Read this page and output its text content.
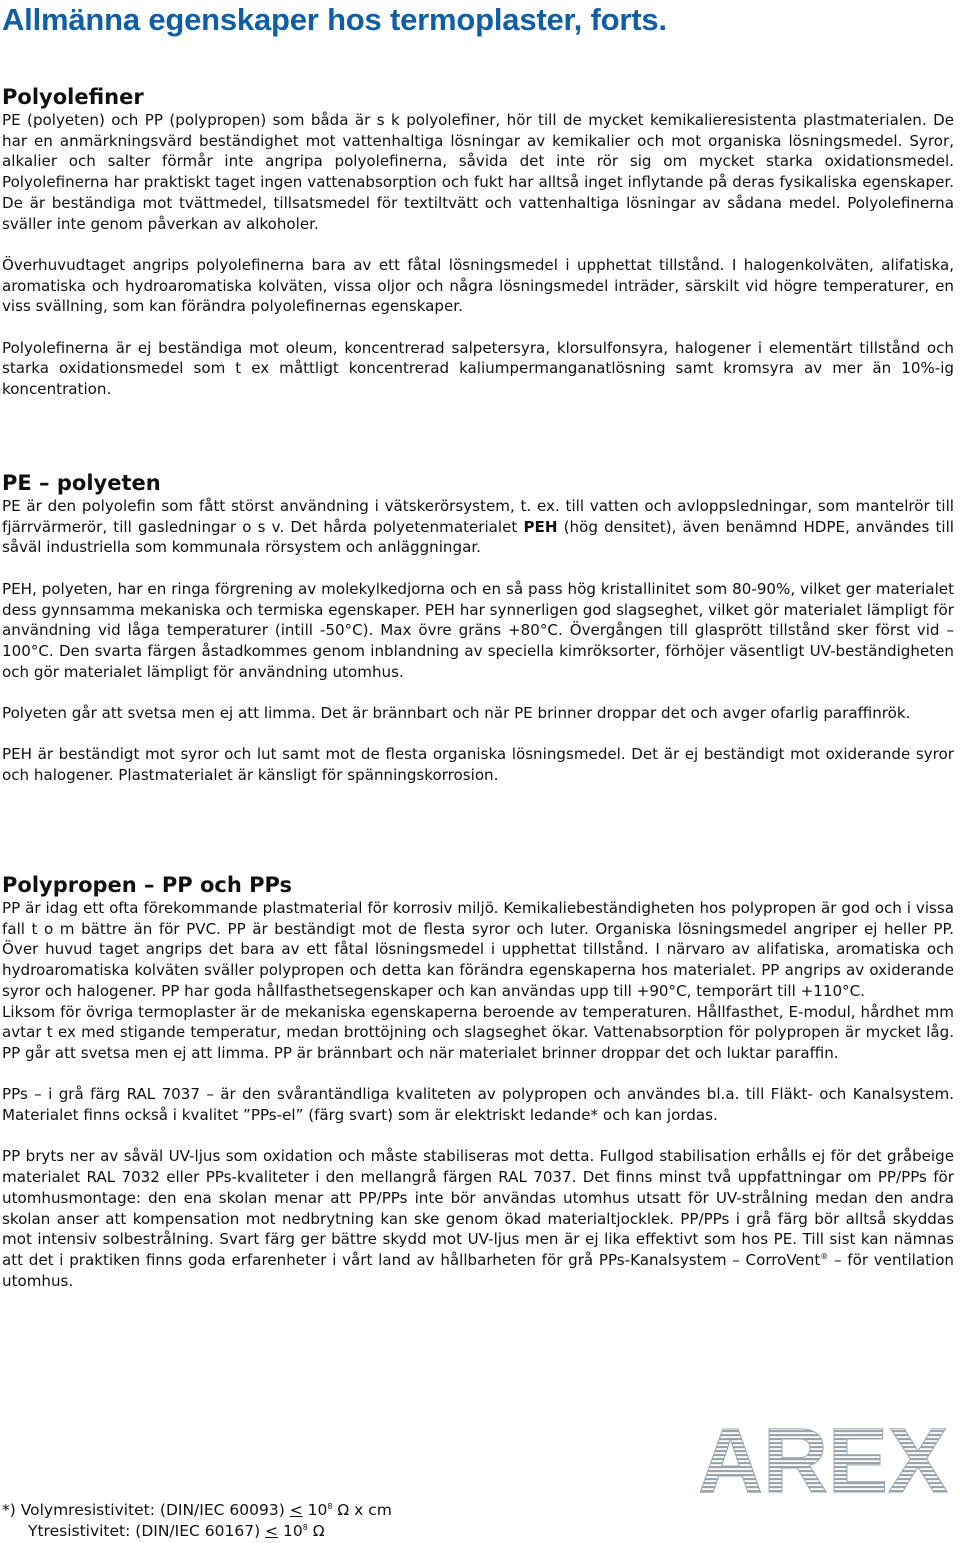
Allmänna egenskaper hos termoplaster, forts.
Polyolefiner

PE (polyeten) och PP (polypropen) som båda är s k polyolefiner, hör till de mycket kemikalieresistenta plastmaterialen. De har en anmärkningsvärd beständighet mot vattenhaltiga lösningar av kemikalier och mot organiska lösningsmedel. Syror, alkalier och salter förmår inte angripa polyolefinerna, såvida det inte rör sig om mycket starka oxidationsmedel. Polyolefinerna har praktiskt taget ingen vattenabsorption och fukt har alltså inget inflytande på deras fysikaliska egenskaper. De är beständiga mot tvättmedel, tillsatsmedel för textiltvätt och vattenhaltiga lösningar av sådana medel. Polyolefinerna sväller inte genom påverkan av alkoholer.

Överhuvudtaget angrips polyolefinerna bara av ett fåtal lösningsmedel i upphettat tillstånd. I halogenkolväten, alifatiska, aromatiska och hydroaromatiska kolväten, vissa oljor och några lösningsmedel inträder, särskilt vid högre temperaturer, en viss svällning, som kan förändra polyolefinernas egenskaper.

Polyolefinerna är ej beständiga mot oleum, koncentrerad salpetersyra, klorsulfonsyra, halogener i elementärt tillstånd och starka oxidationsmedel som t ex måttligt koncentrerad kaliumpermanganatlösning samt kromsyra av mer än 10%-ig koncentration.

PE – polyeten

PE är den polyolefin som fått störst användning i vätskerörsystem, t. ex. till vatten och avloppsledningar, som mantelrör till fjärrvärmerör, till gasledningar o s v. Det hårda polyetenmaterialet PEH (hög densitet), även benämnd HDPE, användes till såväl industriella som kommunala rörsystem och anläggningar.

PEH, polyeten, har en ringa förgrening av molekylkedjorna och en så pass hög kristallinitet som 80-90%, vilket ger materialet dess gynnsamma mekaniska och termiska egenskaper. PEH har synnerligen god slagseghet, vilket gör materialet lämpligt för användning vid låga temperaturer (intill -50°C). Max övre gräns +80°C. Övergången till glasprött tillstånd sker först vid –100°C. Den svarta färgen åstadkommes genom inblandning av speciella kimröksorter, förhöjer väsentligt UV-beständigheten och gör materialet lämpligt för användning utomhus.

Polyeten går att svetsa men ej att limma. Det är brännbart och när PE brinner droppar det och avger ofarlig paraffinrök.

PEH är beständigt mot syror och lut samt mot de flesta organiska lösningsmedel. Det är ej beständigt mot oxiderande syror och halogener. Plastmaterialet är känsligt för spänningskorrosion.

Polypropen – PP och PPs

PP är idag ett ofta förekommande plastmaterial för korrosiv miljö. Kemikaliebeständigheten hos polypropen är god och i vissa fall t o m bättre än för PVC. PP är beständigt mot de flesta syror och luter. Organiska lösningsmedel angriper ej heller PP. Över huvud taget angrips det bara av ett fåtal lösningsmedel i upphettat tillstånd. I närvaro av alifatiska, aromatiska och hydroaromatiska kolväten sväller polypropen och detta kan förändra egenskaperna hos materialet. PP angrips av oxiderande syror och halogener. PP har goda hållfasthetsegenskaper och kan användas upp till +90°C, temporärt till +110°C.

Liksom för övriga termoplaster är de mekaniska egenskaperna beroende av temperaturen. Hållfasthet, E-modul, hårdhet mm avtar t ex med stigande temperatur, medan brottöjning och slagseghet ökar. Vattenabsorption för polypropen är mycket låg. PP går att svetsa men ej att limma. PP är brännbart och när materialet brinner droppar det och luktar paraffin.

PPs – i grå färg RAL 7037 – är den svårantändliga kvaliteten av polypropen och användes bl.a. till Fläkt- och Kanalsystem. Materialet finns också i kvalitet ”PPs-el” (färg svart) som är elektriskt ledande* och kan jordas.

PP bryts ner av såväl UV-ljus som oxidation och måste stabiliseras mot detta. Fullgod stabilisation erhålls ej för det gråbeige materialet RAL 7032 eller PPs-kvaliteter i den mellangrå färgen RAL 7037. Det finns minst två uppfattningar om PP/PPs för utomhusmontage: den ena skolan menar att PP/PPs inte bör användas utomhus utsatt för UV-strålning medan den andra skolan anser att kompensation mot nedbrytning kan ske genom ökad materialtjocklek. PP/PPs i grå färg bör alltså skyddas mot intensiv solbestrålning. Svart färg ger bättre skydd mot UV-ljus men är ej lika effektivt som hos PE. Till sist kan nämnas att det i praktiken finns goda erfarenheter i vårt land av hållbarheten för grå PPs-Kanalsystem – CorroVent® – för ventilation utomhus.

AREX
*) Volymresistivitet: (DIN/IEC $60093) < 10^8$ Ω x cm
Ytresistivitet: (DIN/IEC $60167) < 10^8$ Ω
